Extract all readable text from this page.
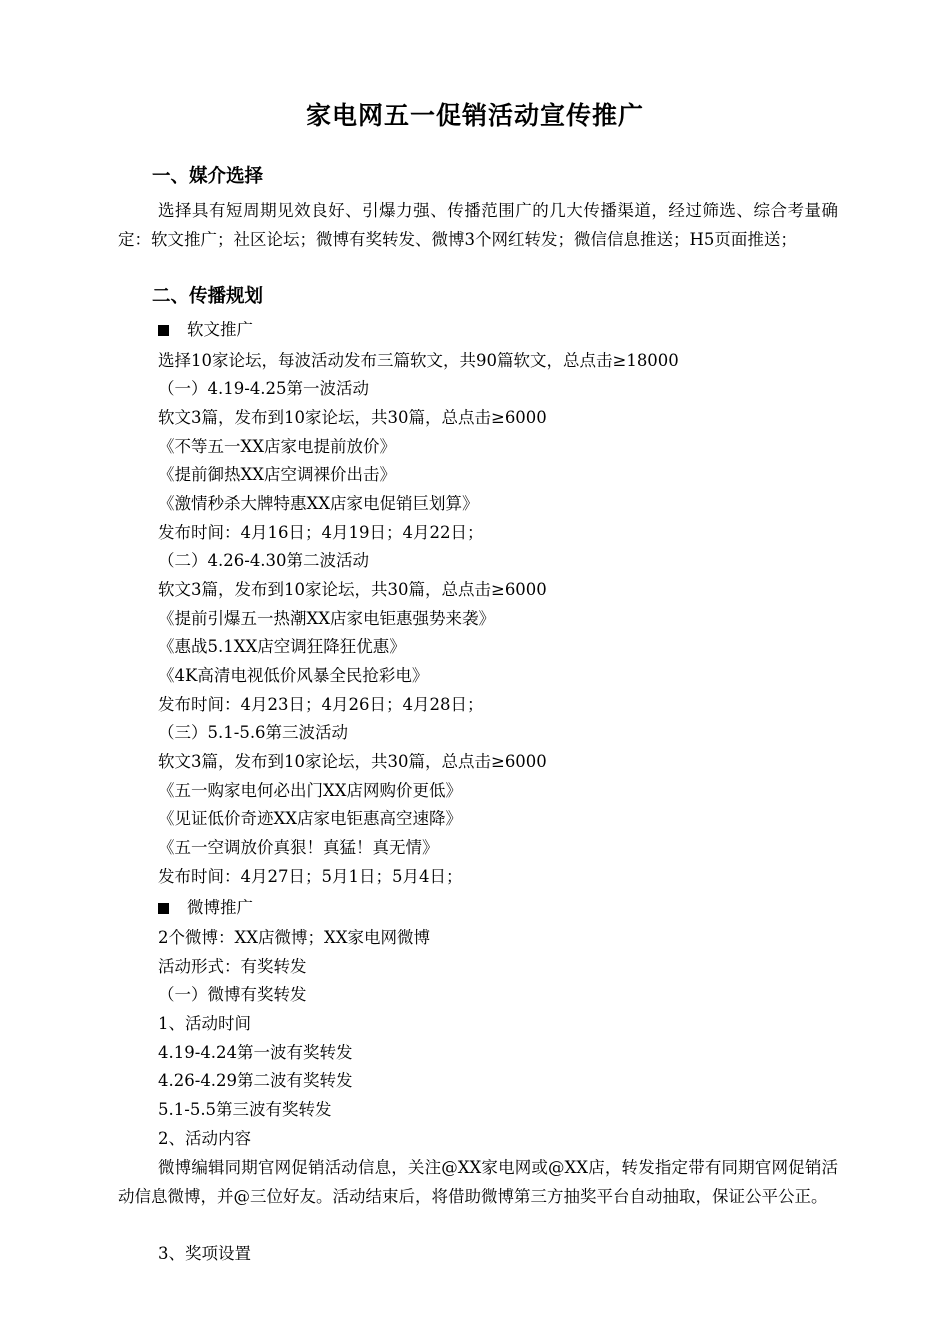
家电网五一促销活动宣传推广
一、媒介选择
选择具有短周期见效良好、引爆力强、传播范围广的几大传播渠道，经过筛选、综合考量确定：软文推广；社区论坛；微博有奖转发、微博3个网红转发；微信信息推送；H5页面推送；
二、传播规划
软文推广
选择10家论坛，每波活动发布三篇软文，共90篇软文，总点击≥18000
（一）4.19-4.25第一波活动
软文3篇，发布到10家论坛，共30篇，总点击≥6000
《不等五一XX店家电提前放价》
《提前御热XX店空调裸价出击》
《激情秒杀大牌特惠XX店家电促销巨划算》
发布时间：4月16日；4月19日；4月22日；
（二）4.26-4.30第二波活动
软文3篇，发布到10家论坛，共30篇，总点击≥6000
《提前引爆五一热潮XX店家电钜惠强势来袭》
《惠战5.1XX店空调狂降狂优惠》
《4K高清电视低价风暴全民抢彩电》
发布时间：4月23日；4月26日；4月28日；
（三）5.1-5.6第三波活动
软文3篇，发布到10家论坛，共30篇，总点击≥6000
《五一购家电何必出门XX店网购价更低》
《见证低价奇迹XX店家电钜惠高空速降》
《五一空调放价真狠！真猛！真无情》
发布时间：4月27日；5月1日；5月4日；
微博推广
2个微博：XX店微博；XX家电网微博
活动形式：有奖转发
（一）微博有奖转发
1、活动时间
4.19-4.24第一波有奖转发
4.26-4.29第二波有奖转发
5.1-5.5第三波有奖转发
2、活动内容
微博编辑同期官网促销活动信息，关注@XX家电网或@XX店，转发指定带有同期官网促销活动信息微博，并@三位好友。活动结束后，将借助微博第三方抽奖平台自动抽取，保证公平公正。
3、奖项设置
